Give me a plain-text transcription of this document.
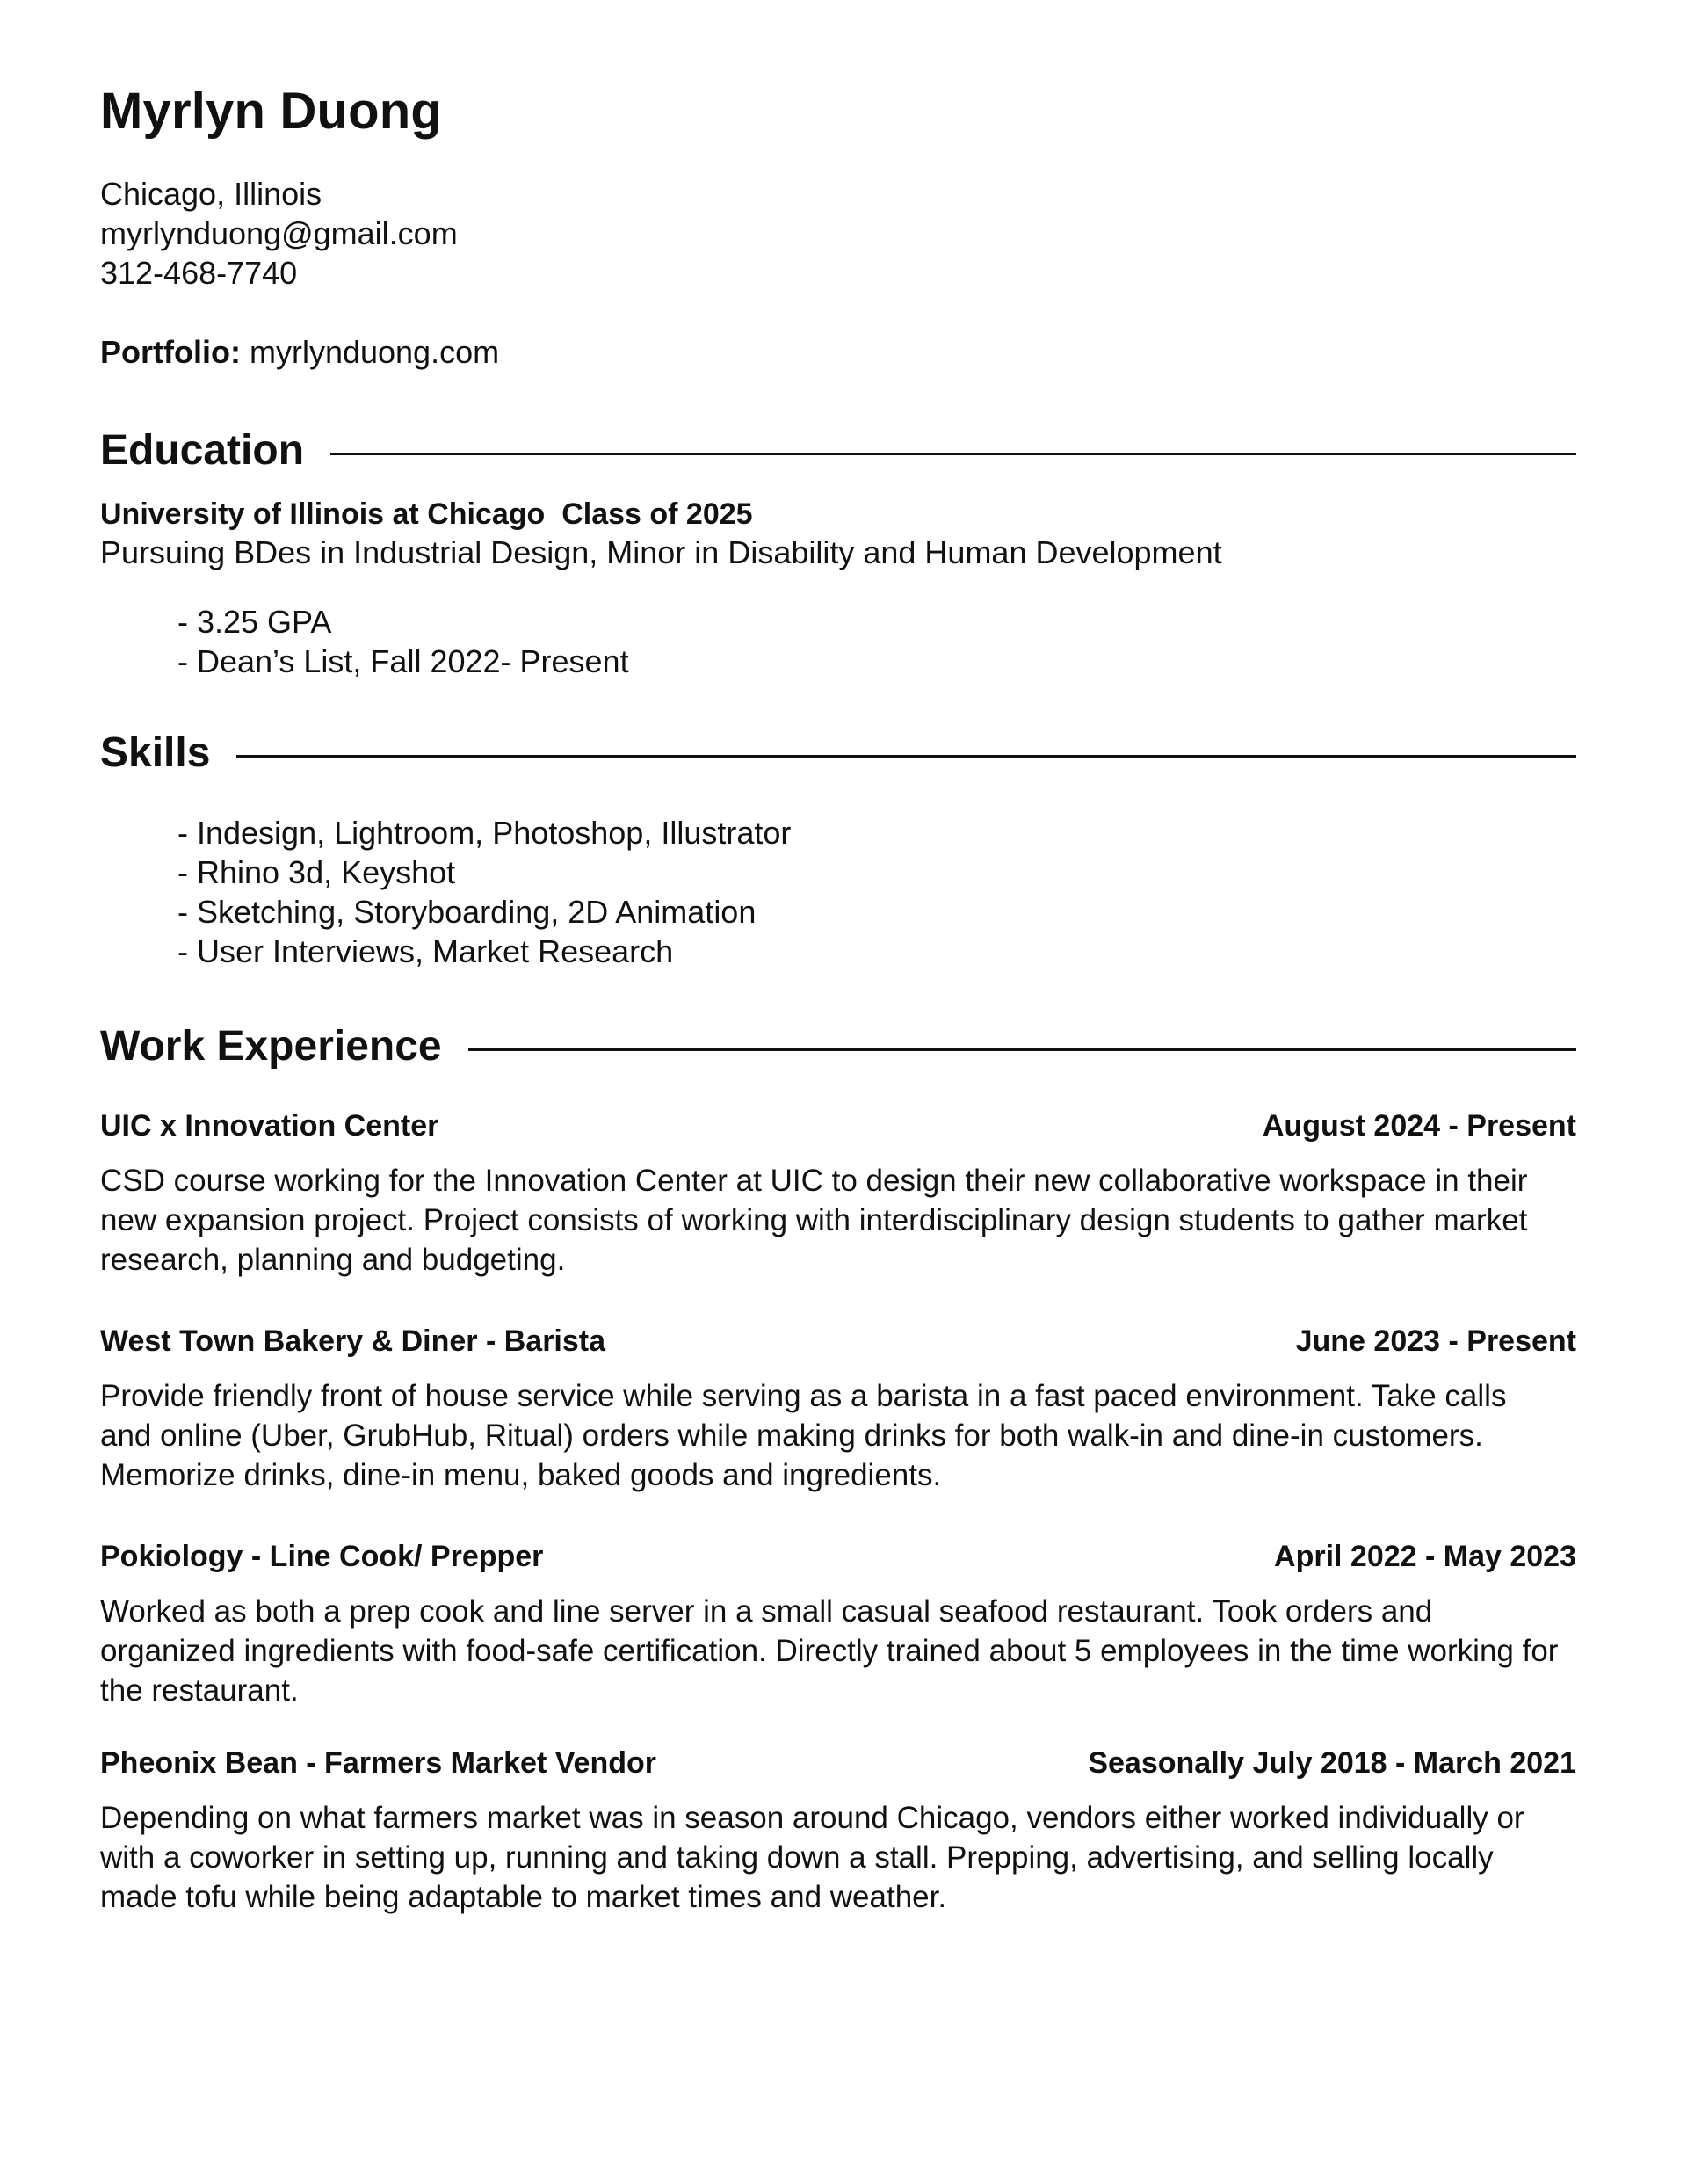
Myrlyn Duong

Chicago, Illinois

myrlynduong@gmail.com

312-468-7740

Portfolio: myrlynduong.com
Education
University of Illinois at Chicago  Class of 2025
Pursuing BDes in Industrial Design, Minor in Disability and Human Development
- 3.25 GPA
- Dean’s List, Fall 2022- Present
Skills
- Indesign, Lightroom, Photoshop, Illustrator
- Rhino 3d, Keyshot
- Sketching, Storyboarding, 2D Animation
- User Interviews, Market Research
Work Experience
UIC x Innovation Center	August 2024 - Present

CSD course working for the Innovation Center at UIC to design their new collaborative workspace in their new expansion project. Project consists of working with interdisciplinary design students to gather market research, planning and budgeting.

West Town Bakery & Diner - Barista	June 2023 - Present

Provide friendly front of house service while serving as a barista in a fast paced environment. Take calls and online (Uber, GrubHub, Ritual) orders while making drinks for both walk-in and dine-in customers. Memorize drinks, dine-in menu, baked goods and ingredients.

Pokiology - Line Cook/ Prepper	April 2022 - May 2023

Worked as both a prep cook and line server in a small casual seafood restaurant. Took orders and organized ingredients with food-safe certification. Directly trained about 5 employees in the time working for the restaurant.

Pheonix Bean - Farmers Market Vendor	Seasonally July 2018 - March 2021

Depending on what farmers market was in season around Chicago, vendors either worked individually or with a coworker in setting up, running and taking down a stall. Prepping, advertising, and selling locally made tofu while being adaptable to market times and weather.
